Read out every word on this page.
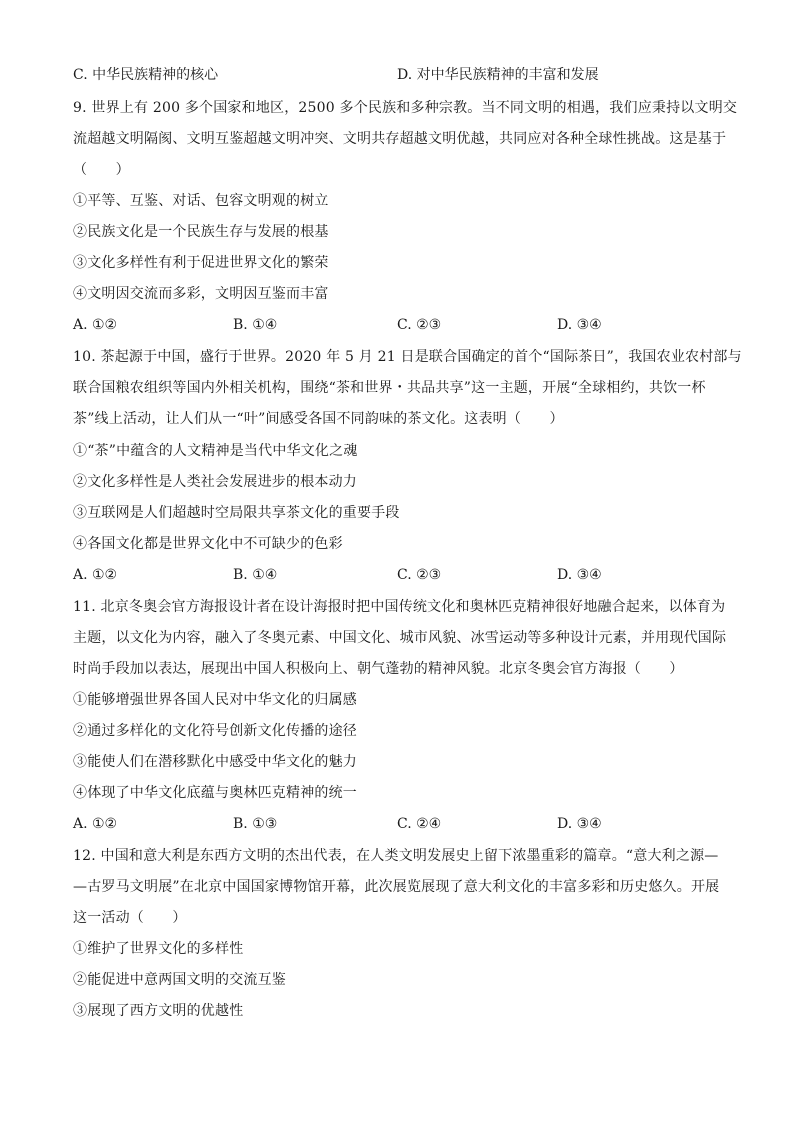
C. 中华民族精神的核心	D. 对中华民族精神的丰富和发展
9. 世界上有 200 多个国家和地区，2500 多个民族和多种宗教。当不同文明的相遇，我们应秉持以文明交
流超越文明隔阂、文明互鉴超越文明冲突、文明共存超越文明优越，共同应对各种全球性挑战。这是基于
（　　）
①平等、互鉴、对话、包容文明观的树立
②民族文化是一个民族生存与发展的根基
③文化多样性有利于促进世界文化的繁荣
④文明因交流而多彩，文明因互鉴而丰富
A. ①②	B. ①④	C. ②③	D. ③④
10. 茶起源于中国，盛行于世界。2020 年 5 月 21 日是联合国确定的首个“国际茶日”，我国农业农村部与
联合国粮农组织等国内外相关机构，围绕“茶和世界・共品共享”这一主题，开展“全球相约，共饮一杯
茶”线上活动，让人们从一“叶”间感受各国不同韵味的茶文化。这表明（　　）
①“茶”中蕴含的人文精神是当代中华文化之魂
②文化多样性是人类社会发展进步的根本动力
③互联网是人们超越时空局限共享茶文化的重要手段
④各国文化都是世界文化中不可缺少的色彩
A. ①②	B. ①④	C. ②③	D. ③④
11. 北京冬奥会官方海报设计者在设计海报时把中国传统文化和奥林匹克精神很好地融合起来，以体育为
主题，以文化为内容，融入了冬奥元素、中国文化、城市风貌、冰雪运动等多种设计元素，并用现代国际
时尚手段加以表达，展现出中国人积极向上、朝气蓬勃的精神风貌。北京冬奥会官方海报（　　）
①能够增强世界各国人民对中华文化的归属感
②通过多样化的文化符号创新文化传播的途径
③能使人们在潜移默化中感受中华文化的魅力
④体现了中华文化底蕴与奥林匹克精神的统一
A. ①②	B. ①③	C. ②④	D. ③④
12. 中国和意大利是东西方文明的杰出代表，在人类文明发展史上留下浓墨重彩的篇章。“意大利之源—
—古罗马文明展”在北京中国国家博物馆开幕，此次展览展现了意大利文化的丰富多彩和历史悠久。开展
这一活动（　　）
①维护了世界文化的多样性
②能促进中意两国文明的交流互鉴
③展现了西方文明的优越性
